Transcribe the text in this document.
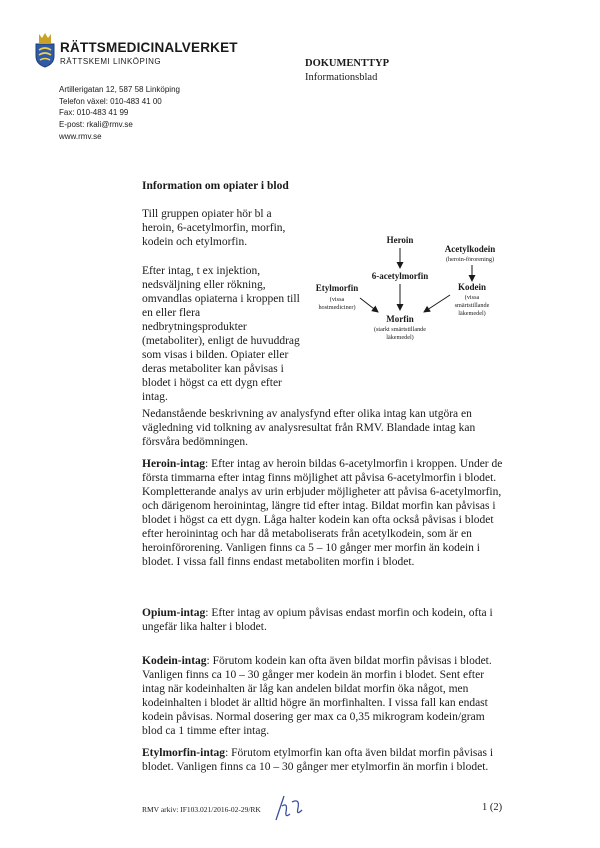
RÄTTSMEDICINALVERKET
RÄTTSKEMI LINKÖPING	DOKUMENTTYP
Informationsblad
Artillerigatan 12, 587 58 Linköping
Telefon växel: 010-483 41 00
Fax: 010-483 41 99
E-post: rkali@rmv.se
www.rmv.se
Information om opiater i blod
Till gruppen opiater hör bl a heroin, 6-acetylmorfin, morfin, kodein och etylmorfin.
Efter intag, t ex injektion, nedsväljning eller rökning, omvandlas opiaterna i kroppen till en eller flera nedbrytningsprodukter (metaboliter), enligt de huvuddrag som visas i bilden. Opiater eller deras metaboliter kan påvisas i blodet i högst ca ett dygn efter intag.
Heroin
Acetylkodein
(heroin-förorening)
6-acetylmorfin
Etylmorfin
(vissa
hostmediciner)
Kodein
(vissa
smärtstillande
läkemedel)
Morfin
(starkt smärtstillande
läkemedel)
Nedanstående beskrivning av analysfynd efter olika intag kan utgöra en vägledning vid tolkning av analysresultat från RMV. Blandade intag kan försvåra bedömningen.
Heroin-intag: Efter intag av heroin bildas 6-acetylmorfin i kroppen. Under de första timmarna efter intag finns möjlighet att påvisa 6-acetylmorfin i blodet. Kompletterande analys av urin erbjuder möjligheter att påvisa 6-acetylmorfin, och därigenom heroinintag, längre tid efter intag. Bildat morfin kan påvisas i blodet i högst ca ett dygn. Låga halter kodein kan ofta också påvisas i blodet efter heroinintag och har då metaboliserats från acetylkodein, som är en heroinförorening. Vanligen finns ca 5 – 10 gånger mer morfin än kodein i blodet. I vissa fall finns endast metaboliten morfin i blodet.
Opium-intag: Efter intag av opium påvisas endast morfin och kodein, ofta i ungefär lika halter i blodet.
Kodein-intag: Förutom kodein kan ofta även bildat morfin påvisas i blodet. Vanligen finns ca 10 – 30 gånger mer kodein än morfin i blodet. Sent efter intag när kodeinhalten är låg kan andelen bildat morfin öka något, men kodeinhalten i blodet är alltid högre än morfinhalten. I vissa fall kan endast kodein påvisas. Normal dosering ger max ca 0,35 mikrogram kodein/gram blod ca 1 timme efter intag.
Etylmorfin-intag: Förutom etylmorfin kan ofta även bildat morfin påvisas i blodet. Vanligen finns ca 10 – 30 gånger mer etylmorfin än morfin i blodet.
RMV arkiv: IF103.021/2016-02-29/RK	1 (2)
